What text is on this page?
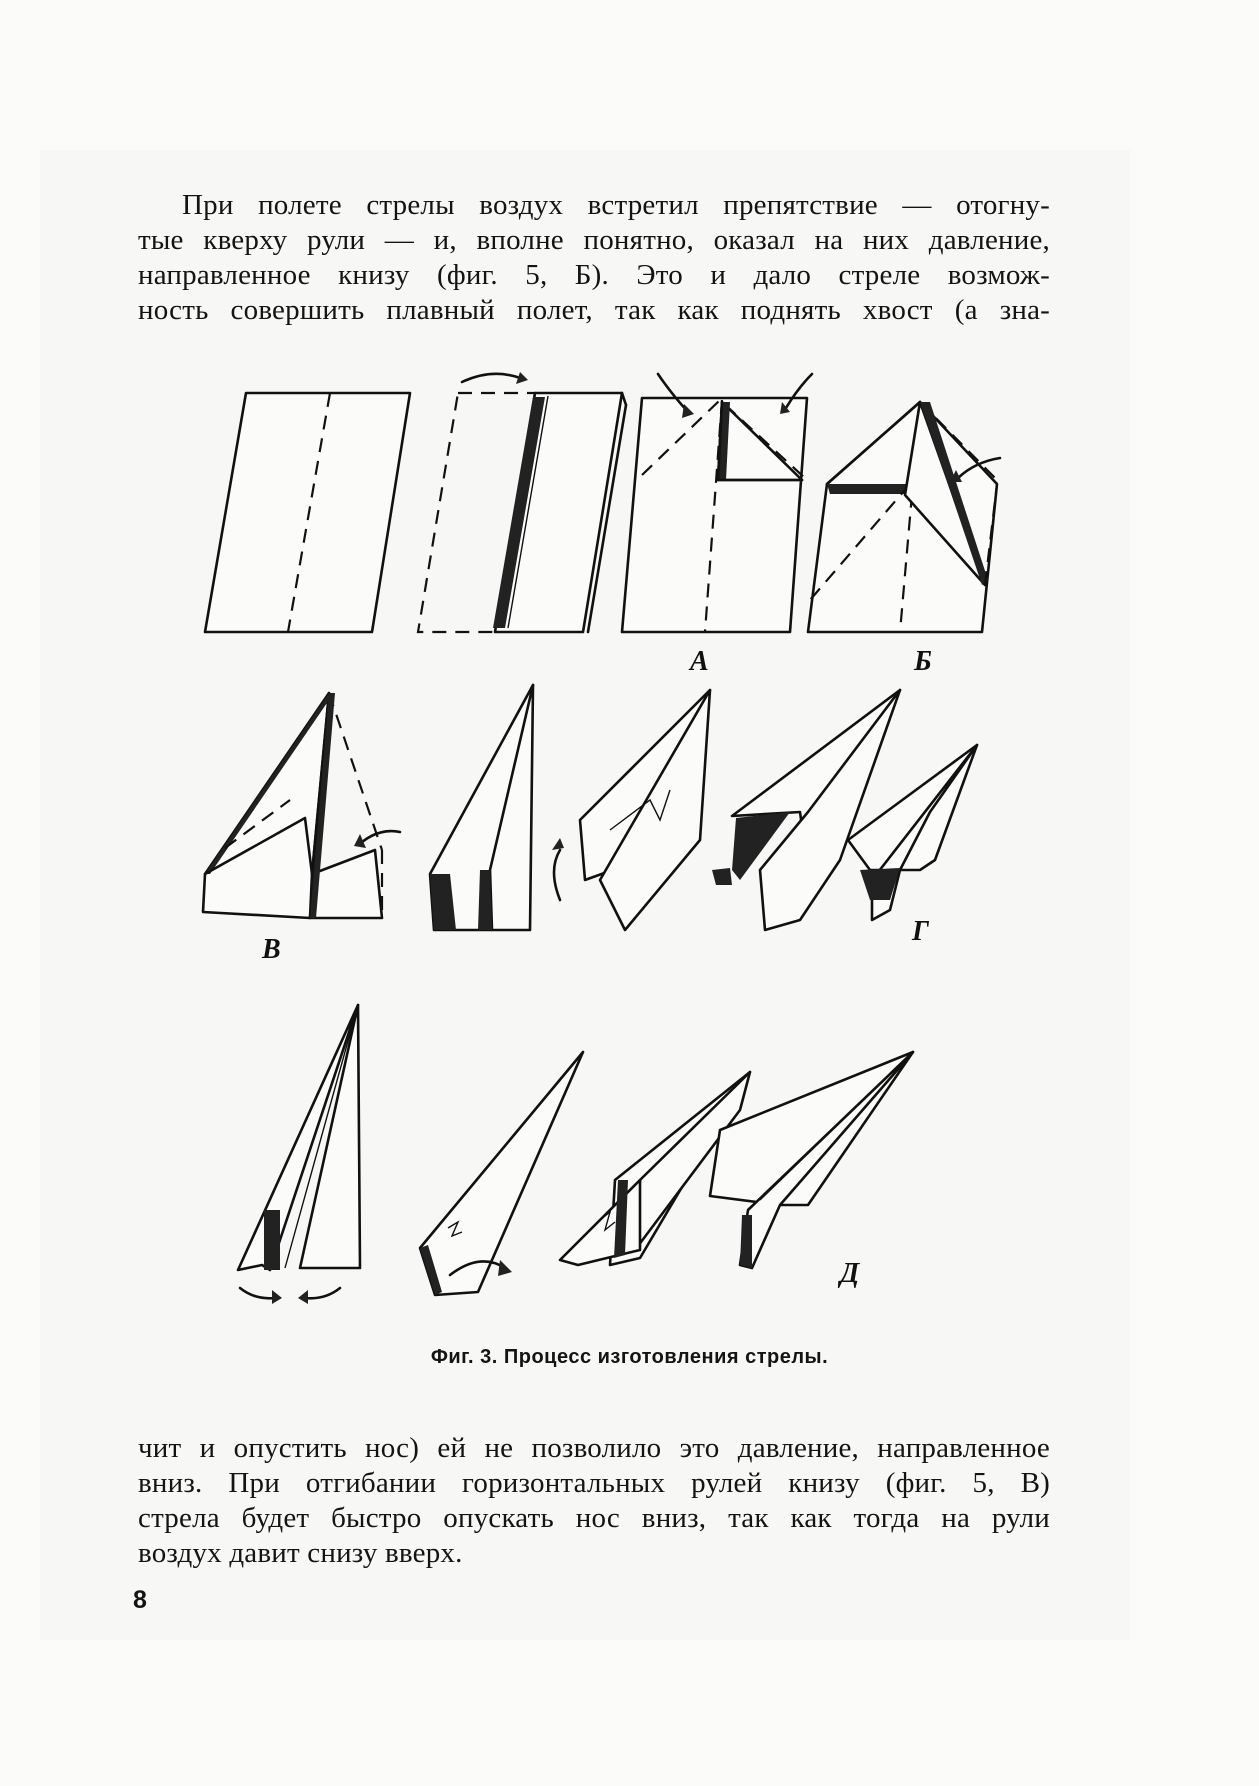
При полете стрелы воздух встретил препятствие — отогну-
тые кверху рули — и, вполне понятно, оказал на них давление,
направленное книзу (фиг. 5, Б). Это и дало стреле возмож-
ность совершить плавный полет, так как поднять хвост (а зна-
А	Б
В
Г
Д
Фиг. 3. Процесс изготовления стрелы.
чит и опустить нос) ей не позволило это давление, направленное
вниз. При отгибании горизонтальных рулей книзу (фиг. 5, В)
стрела будет быстро опускать нос вниз, так как тогда на рули
воздух давит снизу вверх.
8
